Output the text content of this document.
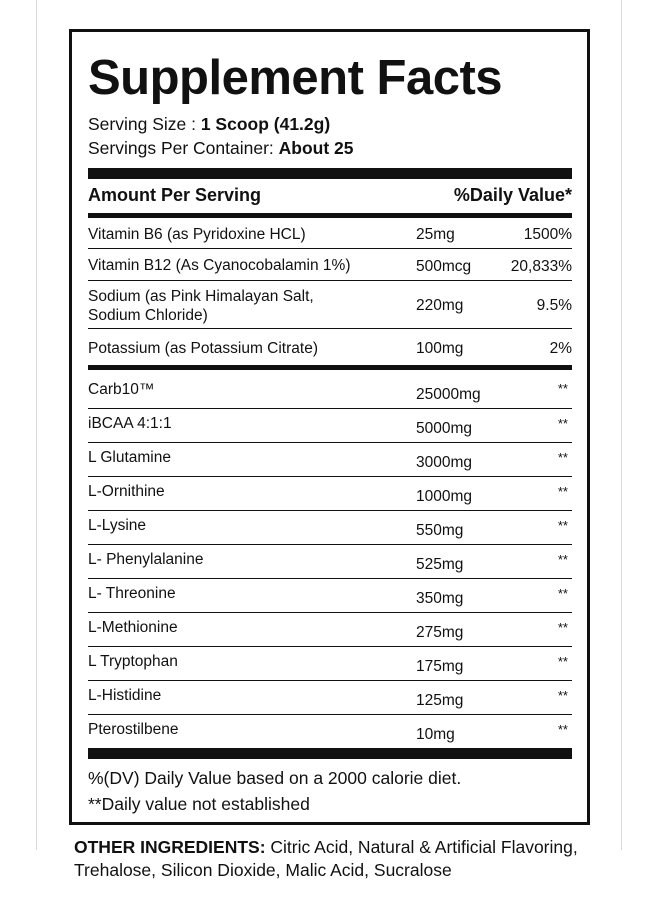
Supplement Facts
Serving Size : 1 Scoop (41.2g)
Servings Per Container: About 25
Amount Per Serving	%Daily Value*
Vitamin B6 (as Pyridoxine HCL)	25mg	1500%
Vitamin B12 (As Cyanocobalamin 1%)	500mcg	20,833%
Sodium (as Pink Himalayan Salt,
Sodium Chloride)
220mg	9.5%
Potassium (as Potassium Citrate)	100mg	2%
Carb10™	25000mg	**
iBCAA 4:1:1	5000mg	**
L Glutamine	3000mg	**
L-Ornithine	1000mg	**
L-Lysine	550mg	**
L- Phenylalanine	525mg	**
L- Threonine	350mg	**
L-Methionine	275mg	**
L Tryptophan	175mg	**
L-Histidine	125mg	**
Pterostilbene	10mg	**
%(DV) Daily Value based on a 2000 calorie diet.
**Daily value not established
OTHER INGREDIENTS: Citric Acid, Natural & Artificial Flavoring, Trehalose, Silicon Dioxide, Malic Acid, Sucralose
